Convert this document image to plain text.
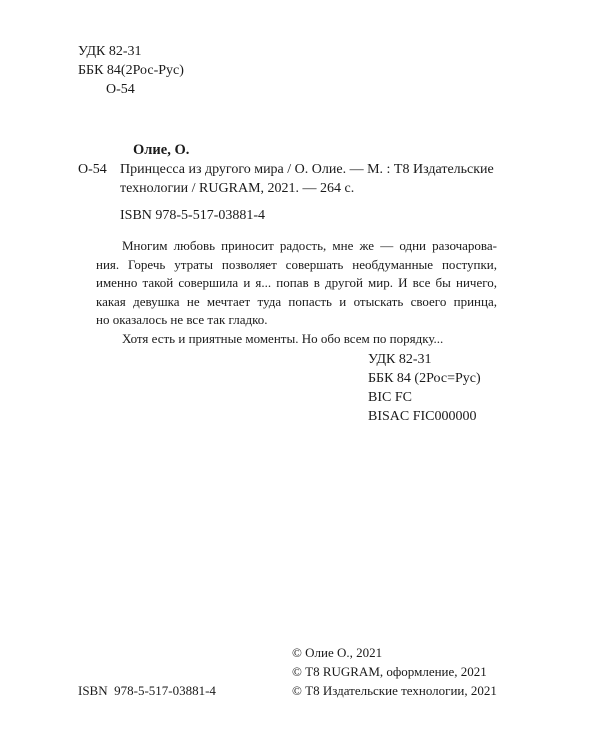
УДК 82-31
ББК 84(2Рос-Рус)
О-54
Олие, О.
О-54 Принцесса из другого мира / О. Олие. — М. : Т8 Издательские
технологии / RUGRAM, 2021. — 264 с.
ISBN 978-5-517-03881-4
Многим любовь приносит радость, мне же — одни разочарова-
ния. Горечь утраты позволяет совершать необдуманные поступки,
именно такой совершила и я... попав в другой мир. И все бы ничего,
какая девушка не мечтает туда попасть и отыскать своего принца,
но оказалось не все так гладко.
Хотя есть и приятные моменты. Но обо всем по порядку...
УДК 82-31
ББК 84 (2Рос=Рус)
BIC FC
BISAC FIC000000
© Олие О., 2021
© Т8 RUGRAM, оформление, 2021
© Т8 Издательские технологии, 2021
ISBN  978-5-517-03881-4
